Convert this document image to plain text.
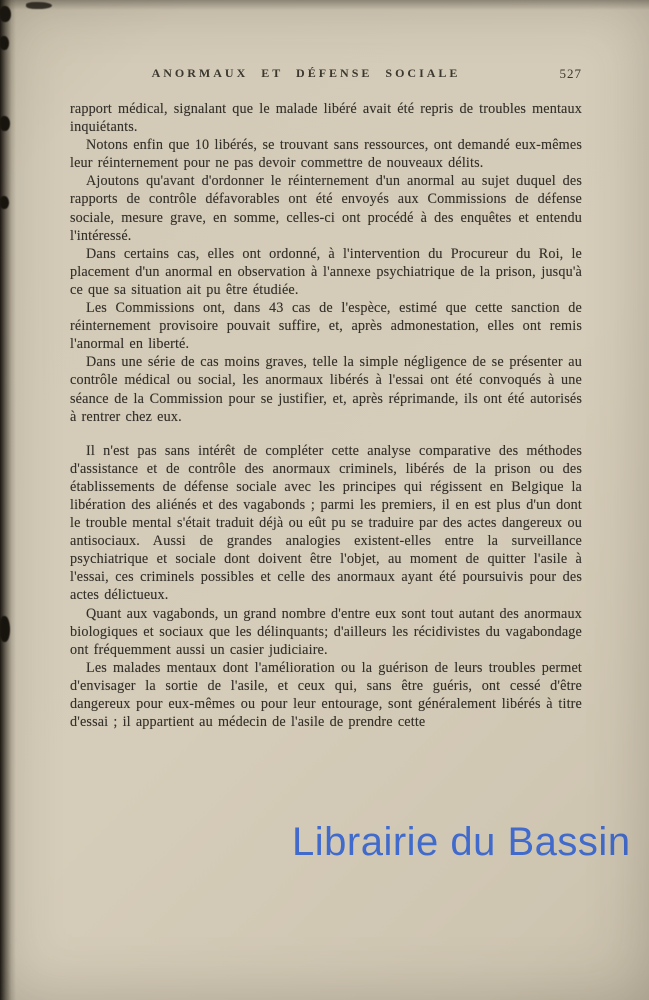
ANORMAUX ET DÉFENSE SOCIALE	527

rapport médical, signalant que le malade libéré avait été repris de troubles mentaux inquiétants.

Notons enfin que 10 libérés, se trouvant sans ressources, ont demandé eux-mêmes leur réinternement pour ne pas devoir commettre de nouveaux délits.

Ajoutons qu'avant d'ordonner le réinternement d'un anormal au sujet duquel des rapports de contrôle défavorables ont été envoyés aux Commissions de défense sociale, mesure grave, en somme, celles-ci ont procédé à des enquêtes et entendu l'intéressé.

Dans certains cas, elles ont ordonné, à l'intervention du Procureur du Roi, le placement d'un anormal en observation à l'annexe psychiatrique de la prison, jusqu'à ce que sa situation ait pu être étudiée.

Les Commissions ont, dans 43 cas de l'espèce, estimé que cette sanction de réinternement provisoire pouvait suffire, et, après admonestation, elles ont remis l'anormal en liberté.

Dans une série de cas moins graves, telle la simple négligence de se présenter au contrôle médical ou social, les anormaux libérés à l'essai ont été convoqués à une séance de la Commission pour se justifier, et, après réprimande, ils ont été autorisés à rentrer chez eux.

Il n'est pas sans intérêt de compléter cette analyse comparative des méthodes d'assistance et de contrôle des anormaux criminels, libérés de la prison ou des établissements de défense sociale avec les principes qui régissent en Belgique la libération des aliénés et des vagabonds ; parmi les premiers, il en est plus d'un dont le trouble mental s'était traduit déjà ou eût pu se traduire par des actes dangereux ou antisociaux. Aussi de grandes analogies existent-elles entre la surveillance psychiatrique et sociale dont doivent être l'objet, au moment de quitter l'asile à l'essai, ces criminels possibles et celle des anormaux ayant été poursuivis pour des actes délictueux.

Quant aux vagabonds, un grand nombre d'entre eux sont tout autant des anormaux biologiques et sociaux que les délinquants; d'ailleurs les récidivistes du vagabondage ont fréquemment aussi un casier judiciaire.

Les malades mentaux dont l'amélioration ou la guérison de leurs troubles permet d'envisager la sortie de l'asile, et ceux qui, sans être guéris, ont cessé d'être dangereux pour eux-mêmes ou pour leur entourage, sont généralement libérés à titre d'essai ; il appartient au médecin de l'asile de prendre cette

Librairie du Bassin
